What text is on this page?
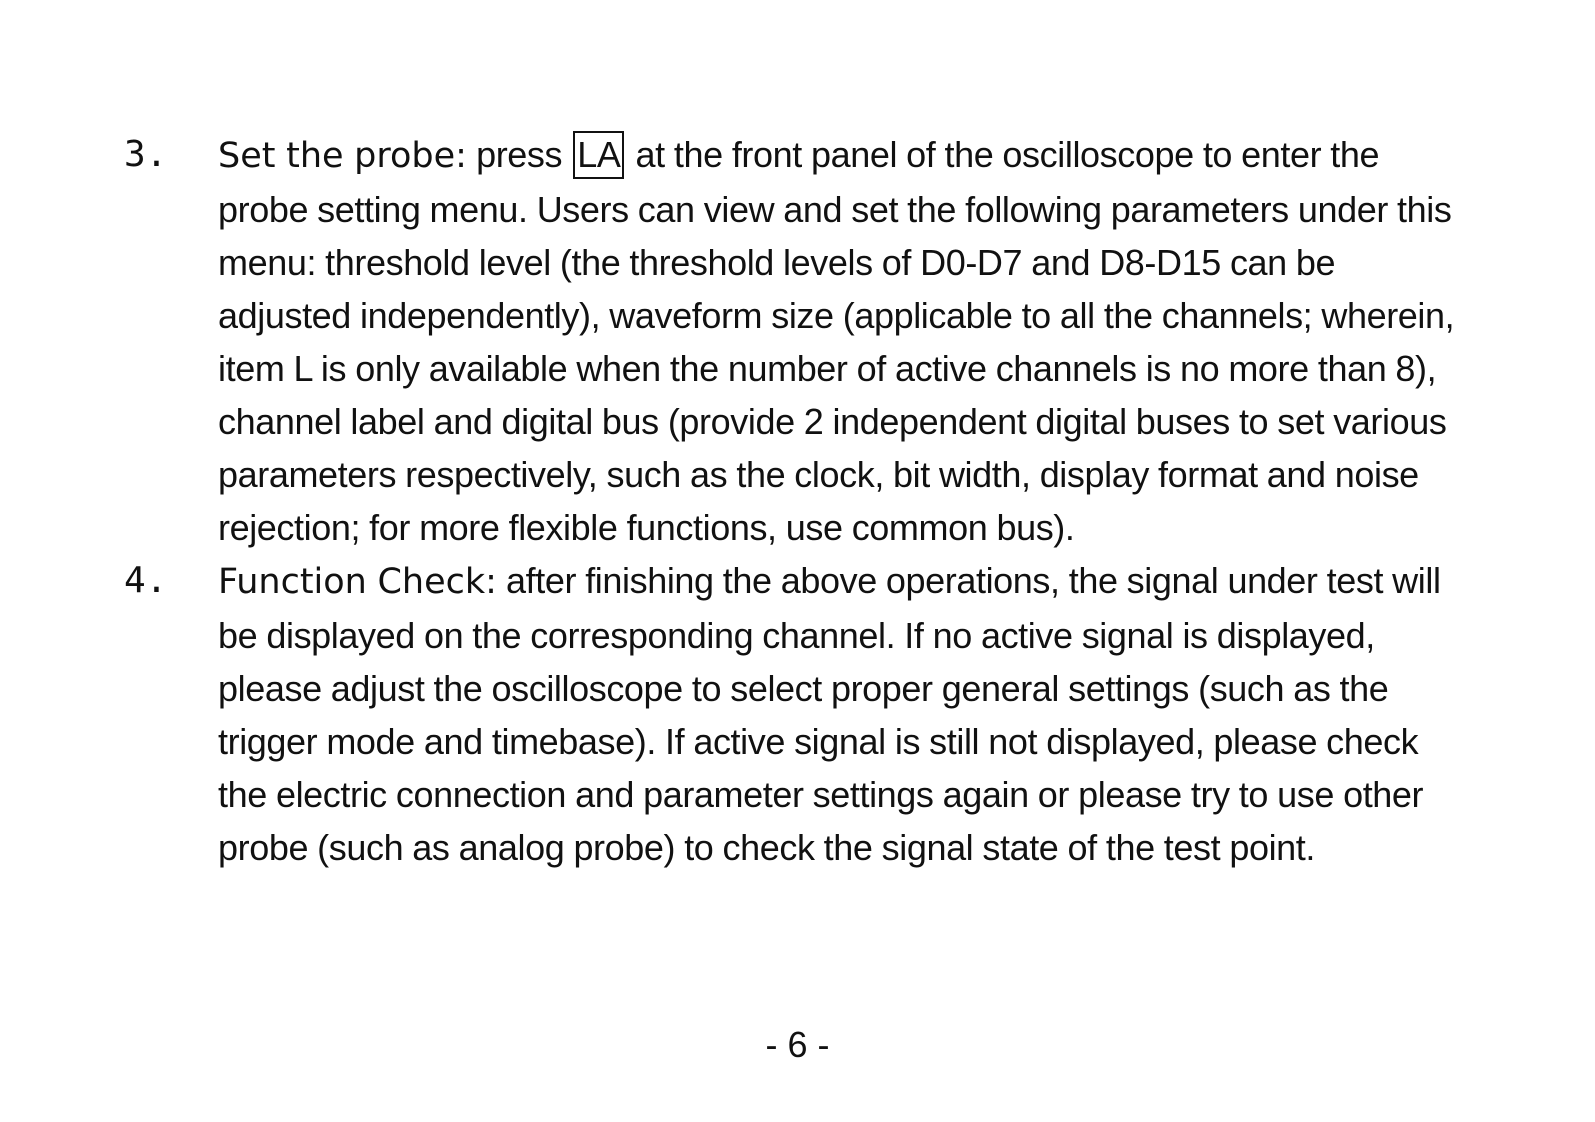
3.	Set the probe: press LA at the front panel of the oscilloscope to enter the probe setting menu. Users can view and set the following parameters under this menu: threshold level (the threshold levels of D0-D7 and D8-D15 can be adjusted independently), waveform size (applicable to all the channels; wherein, item L is only available when the number of active channels is no more than 8), channel label and digital bus (provide 2 independent digital buses to set various parameters respectively, such as the clock, bit width, display format and noise rejection; for more flexible functions, use common bus).
4.	Function Check: after finishing the above operations, the signal under test will be displayed on the corresponding channel. If no active signal is displayed, please adjust the oscilloscope to select proper general settings (such as the trigger mode and timebase). If active signal is still not displayed, please check the electric connection and parameter settings again or please try to use other probe (such as analog probe) to check the signal state of the test point.
- 6 -
